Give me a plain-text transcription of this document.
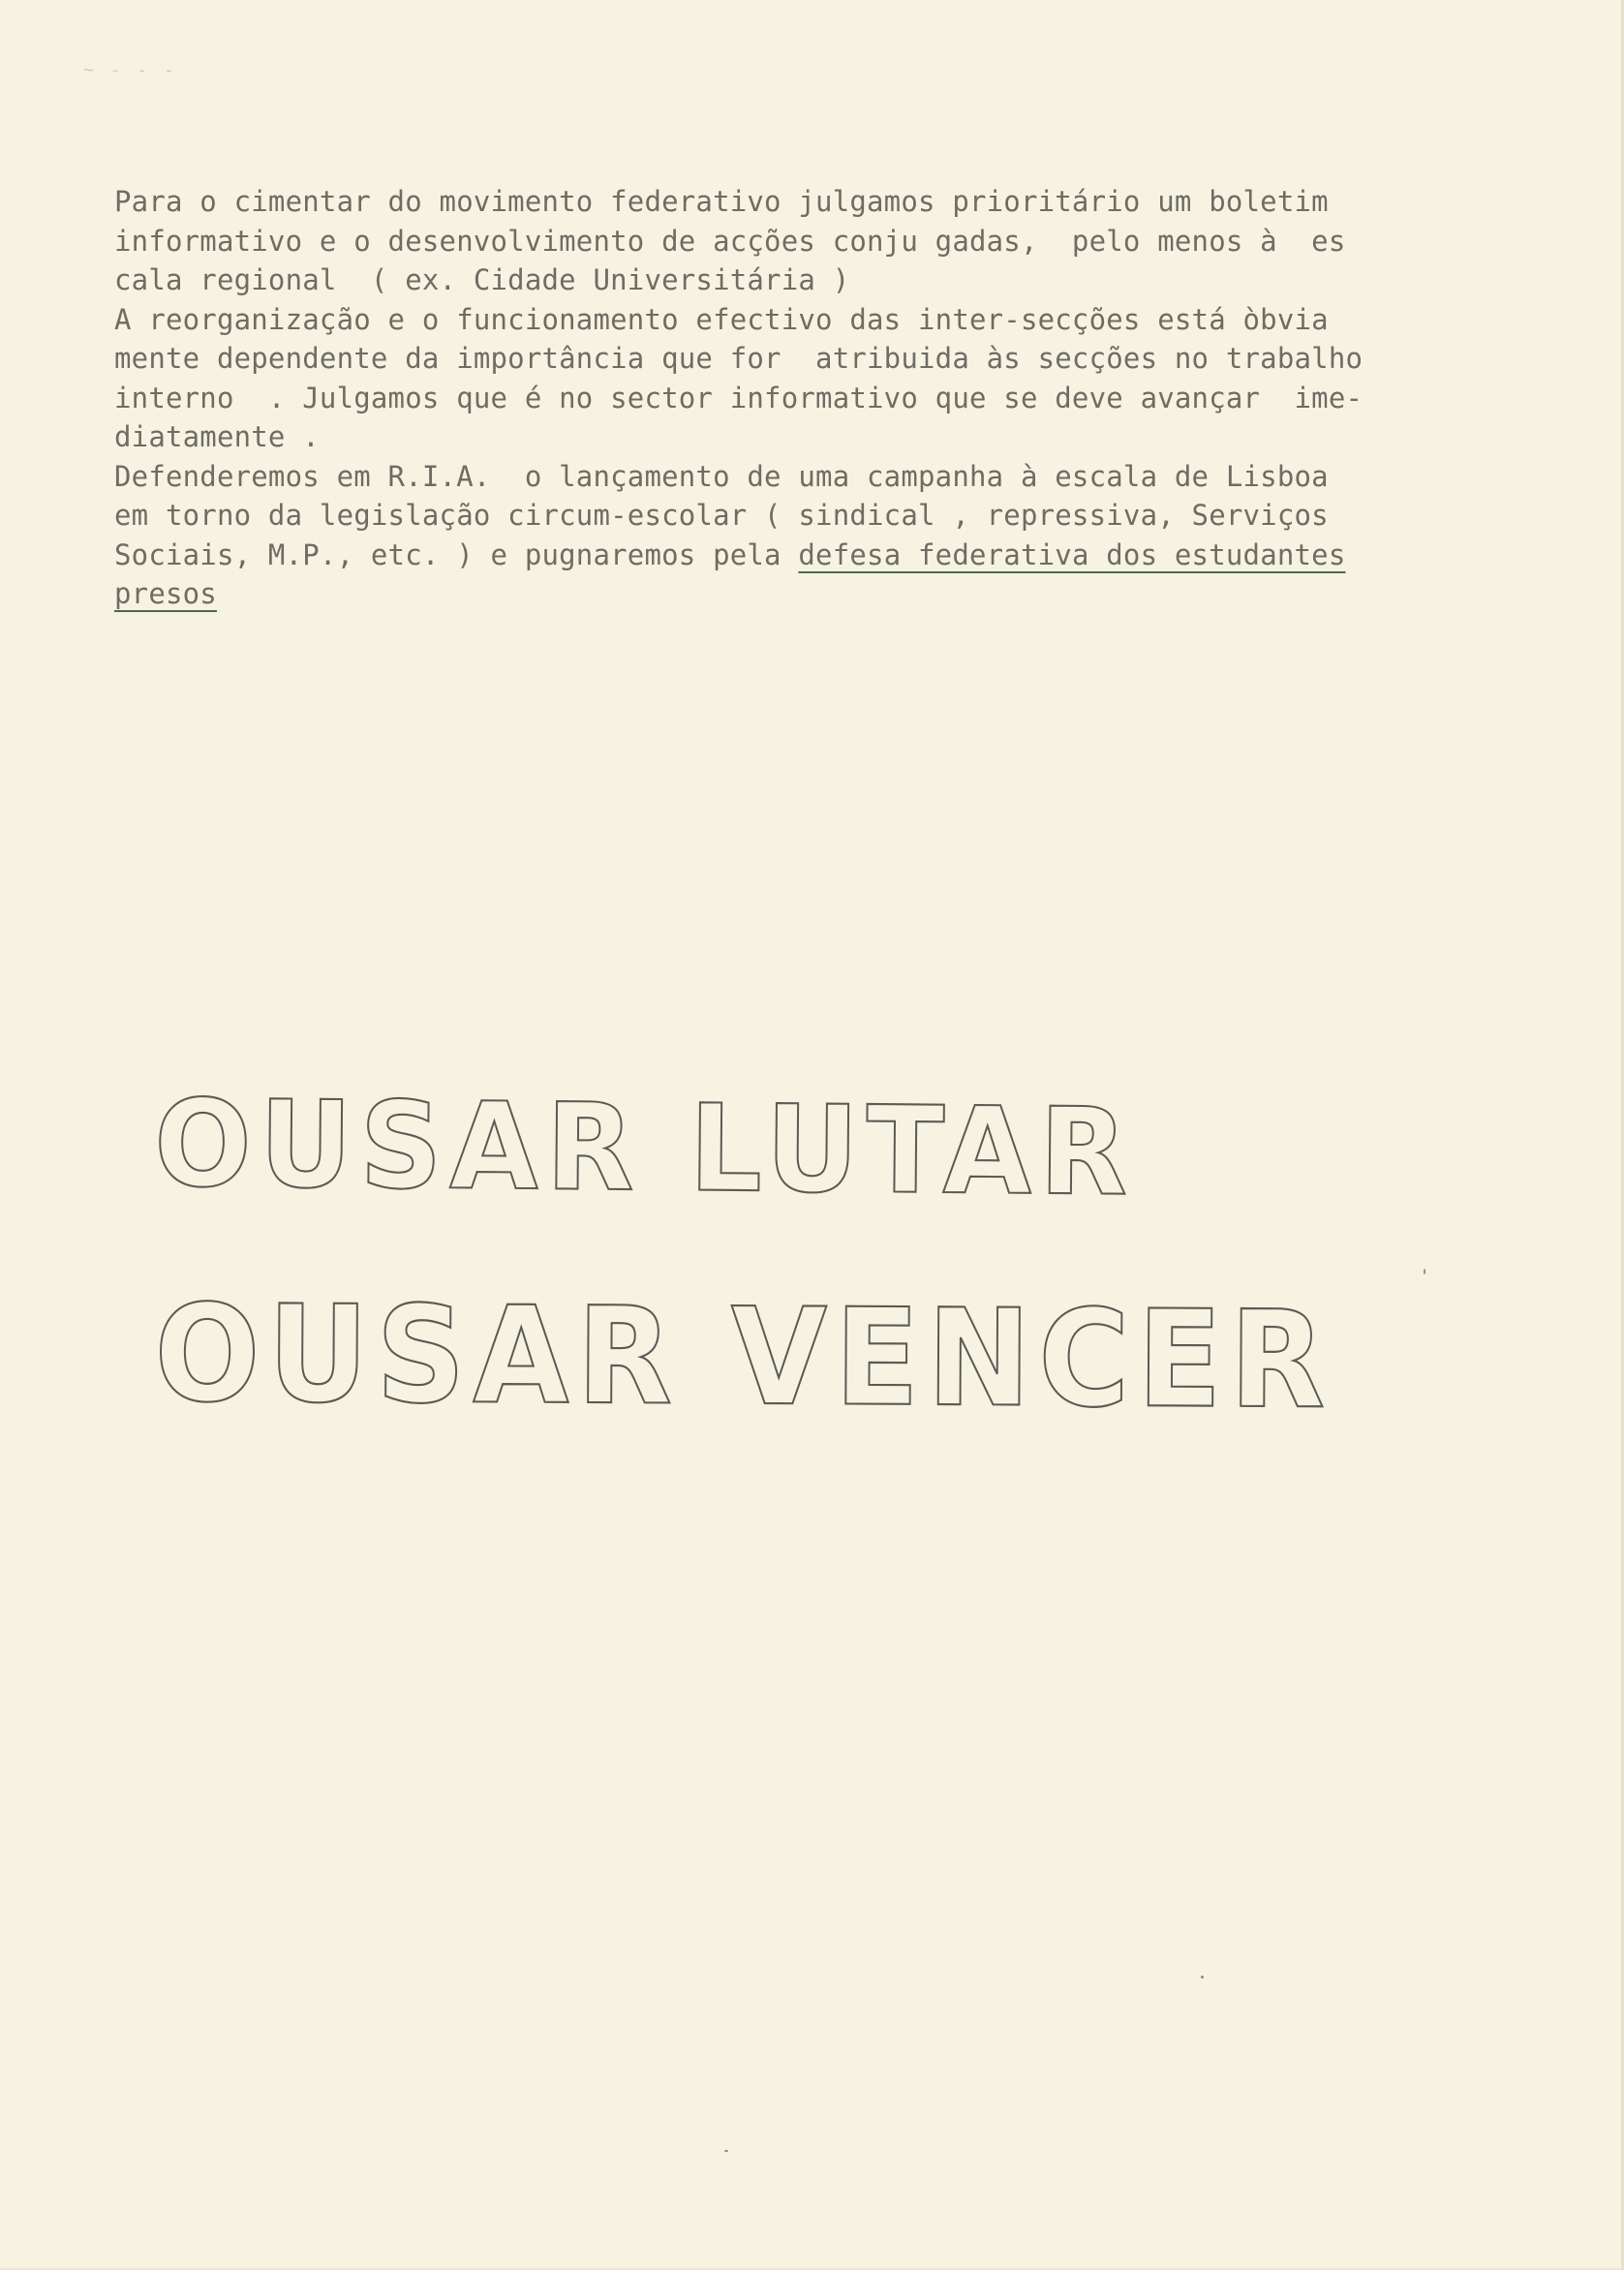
~ - - -
Para o cimentar do movimento federativo julgamos prioritário um boletim
informativo e o desenvolvimento de acções conju gadas,  pelo menos à  es
cala regional  ( ex. Cidade Universitária )
A reorganização e o funcionamento efectivo das inter-secções está òbvia
mente dependente da importância que for  atribuida às secções no trabalho
interno  . Julgamos que é no sector informativo que se deve avançar  ime-
diatamente .
Defenderemos em R.I.A.  o lançamento de uma campanha à escala de Lisboa
em torno da legislação circum-escolar ( sindical , repressiva, Serviços
Sociais, M.P., etc. ) e pugnaremos pela defesa federativa dos estudantes
presos
OUSAR LUTAR
OUSAR VENCER
